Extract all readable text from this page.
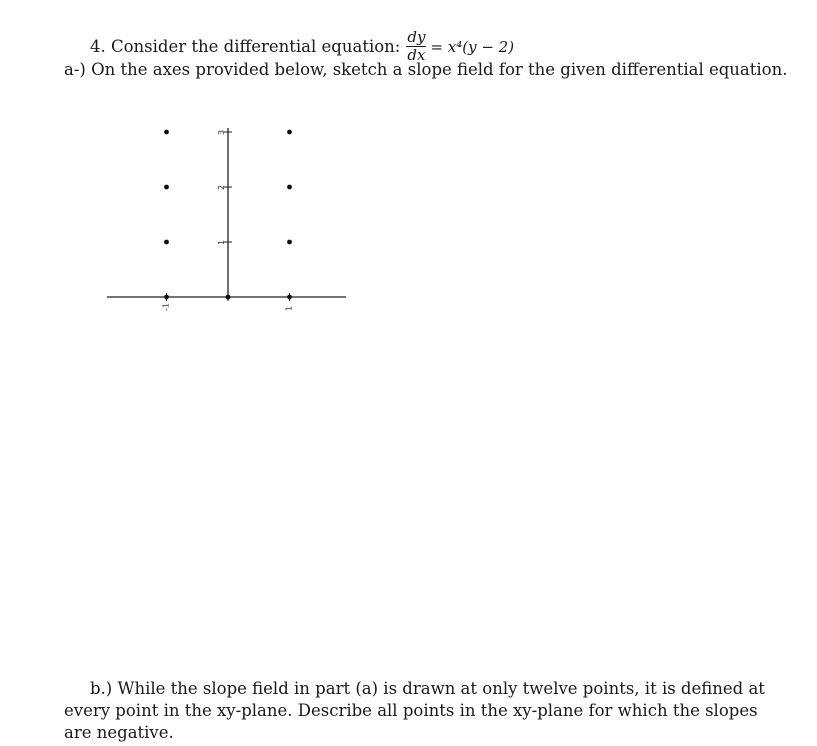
4.
Consider the differential equation: $\frac{dy}{dx} = x^4(y - 2)$
a-) On the axes provided below, sketch a slope field for the given differential equation.
-1	1
1
2
3
b.) While the slope field in part (a) is drawn at only twelve points, it is defined at every point in the xy-plane. Describe all points in the xy-plane for which the slopes are negative.
